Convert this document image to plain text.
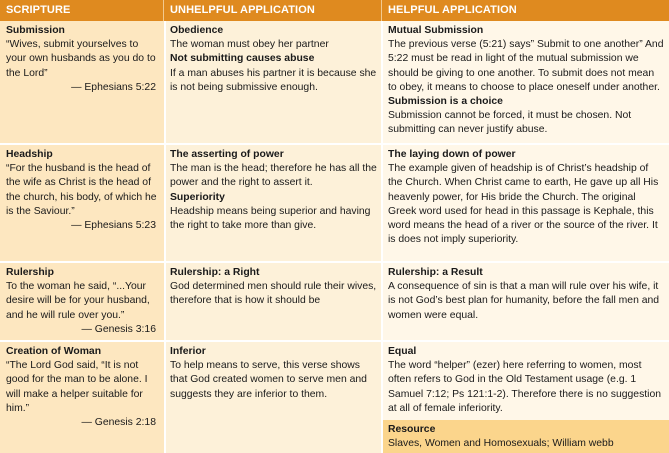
SCRIPTURE	UNHELPFUL APPLICATION	HELPFUL APPLICATION
Submission
“Wives, submit yourselves to your own husbands as you do to the Lord”
— Ephesians 5:22
Obedience
The woman must obey her partner
Not submitting causes abuse
If a man abuses his partner it is because she is not being submissive enough.
Mutual Submission
The previous verse (5:21) says” Submit to one another” And 5:22 must be read in light of the mutual submission we should be giving to one another. To submit does not mean to obey, it means to choose to place oneself under another.
Submission is a choice
Submission cannot be forced, it must be chosen. Not submitting can never justify abuse.
Headship
“For the husband is the head of the wife as Christ is the head of the church, his body, of which he is the Saviour.”
— Ephesians 5:23
The asserting of power
The man is the head; therefore he has all the power and the right to assert it.
Superiority
Headship means being superior and having the right to take more than give.
The laying down of power
The example given of headship is of Christ’s headship of the Church. When Christ came to earth, He gave up all His heavenly power, for His bride the Church. The original Greek word used for head in this passage is Kephale, this word means the head of a river or the source of the river. It is does not imply superiority.
Rulership
To the woman he said, “...Your desire will be for your husband, and he will rule over you.”
— Genesis 3:16
Rulership: a Right
God determined men should rule their wives, therefore that is how it should be
Rulership: a Result
A consequence of sin is that a man will rule over his wife, it is not God’s best plan for humanity, before the fall men and women were equal.
Creation of Woman
“The Lord God said, “It is not good for the man to be alone. I will make a helper suitable for him.”
— Genesis 2:18
Inferior
To help means to serve, this verse shows that God created women to serve men and suggests they are inferior to them.
Equal
The word “helper” (ezer) here referring to women, most often refers to God in the Old Testament usage (e.g. 1 Samuel 7:12; Ps 121:1-2). Therefore there is no suggestion at all of female inferiority.
Resource
Slaves, Women and Homosexuals; William webb
